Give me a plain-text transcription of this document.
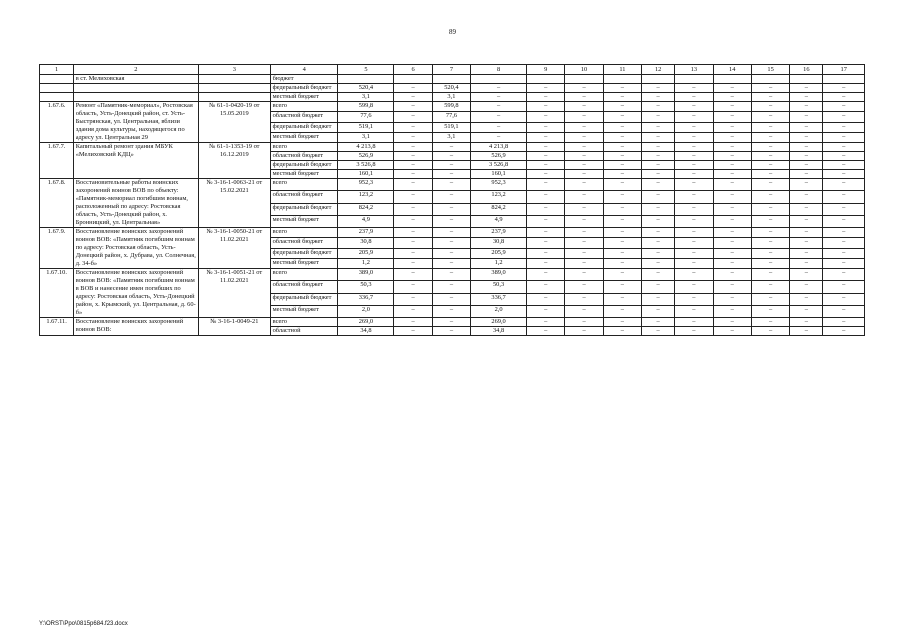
89
1	2	3	4	5	6	7	8	9	10	11	12	13	14	15	16	17
	в ст. Мелиховская		бюджет													
			федеральный бюджет	520,4	–	520,4	–	–	–	–	–	–	–	–	–	–
			местный бюджет	3,1	–	3,1	–	–	–	–	–	–	–	–	–	–
1.67.6.	Ремонт «Памятник-мемориал», Ростовская область, Усть-Донецкий район, ст. Усть-Быстрянская, ул. Центральная, вблизи здания дома культуры, находящегося по адресу ул. Центральная 29	№ 61-1-0420-19 от 15.05.2019	всего	599,8	–	599,8	–	–	–	–	–	–	–	–	–	–
			областной бюджет	77,6	–	77,6	–	–	–	–	–	–	–	–	–	–
			федеральный бюджет	519,1	–	519,1	–	–	–	–	–	–	–	–	–	–
			местный бюджет	3,1	–	3,1	–	–	–	–	–	–	–	–	–	–
1.67.7.	Капитальный ремонт здания МБУК «Мелиховский КДЦ»	№ 61-1-1353-19 от 16.12.2019	всего	4 213,8	–	–	4 213,8	–	–	–	–	–	–	–	–	–
			областной бюджет	526,9	–	–	526,9	–	–	–	–	–	–	–	–	–
			федеральный бюджет	3 526,8	–	–	3 526,8	–	–	–	–	–	–	–	–	–
			местный бюджет	160,1	–	–	160,1	–	–	–	–	–	–	–	–	–
1.67.8.	Восстановительные работы воинских захоронений воинов ВОВ по объекту: «Памятник-мемориал погибшим воинам, расположенный по адресу: Ростовская область, Усть-Донецкий район, х. Бронницкий, ул. Центральная»	№ 3-16-1-0063-21 от 15.02.2021	всего	952,3	–	–	952,3	–	–	–	–	–	–	–	–	–
			областной бюджет	123,2	–	–	123,2	–	–	–	–	–	–	–	–	–
			федеральный бюджет	824,2	–	–	824,2	–	–	–	–	–	–	–	–	–
			местный бюджет	4,9	–	–	4,9	–	–	–	–	–	–	–	–	–
1.67.9.	Восстановление воинских захоронений воинов ВОВ: «Памятник погибшим воинам по адресу: Ростовская область, Усть-Донецкий район, х. Дубрава, ул. Солнечная, д. 34-б»	№ 3-16-1-0050-21 от 11.02.2021	всего	237,9	–	–	237,9	–	–	–	–	–	–	–	–	–
			областной бюджет	30,8	–	–	30,8	–	–	–	–	–	–	–	–	–
			федеральный бюджет	205,9	–	–	205,9	–	–	–	–	–	–	–	–	–
			местный бюджет	1,2	–	–	1,2	–	–	–	–	–	–	–	–	–
1.67.10.	Восстановление воинских захоронений воинов ВОВ: «Памятник погибшим воинам в ВОВ и нанесение имен погибших по адресу: Ростовская область, Усть-Донецкий район, х. Крымский, ул. Центральная, д. 60-б»	№ 3-16-1-0051-21 от 11.02.2021	всего	389,0	–	–	389,0	–	–	–	–	–	–	–	–	–
			областной бюджет	50,3	–	–	50,3	–	–	–	–	–	–	–	–	–
			федеральный бюджет	336,7	–	–	336,7	–	–	–	–	–	–	–	–	–
			местный бюджет	2,0	–	–	2,0	–	–	–	–	–	–	–	–	–
1.67.11.	Восстановление воинских захоронений воинов ВОВ:	№ 3-16-1-0049-21	всего	269,0	–	–	269,0	–	–	–	–	–	–	–	–	–
			областной	34,8	–	–	34,8	–	–	–	–	–	–	–	–	–
Y:\ORST\Ppo\0815p684.f23.docx
